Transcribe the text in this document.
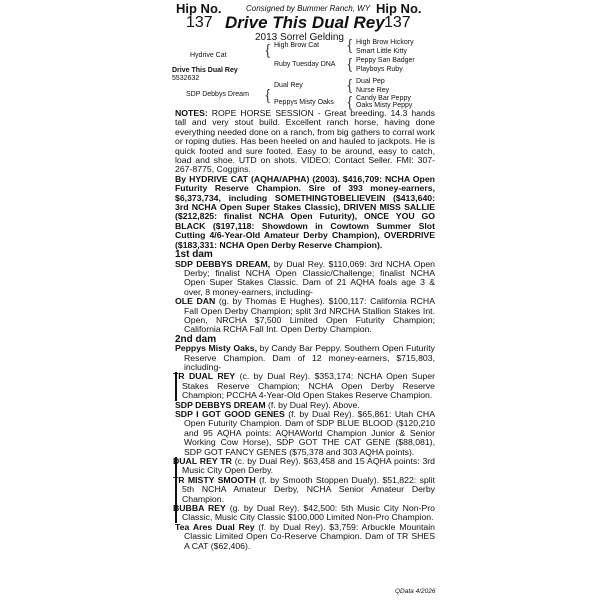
Hip No.
137
Hip No.
137
Consigned by Bummer Ranch, WY
Drive This Dual Rey
2013 Sorrel Gelding
Hydrive Cat
Drive This Dual Rey
5532632
SDP Debbys Dream
{ High Brow Cat
Ruby Tuesday DNA
{
Dual Rey
Peppys Misty Oaks
{ High Brow Hickory
Smart Little Kitty
{ Peppy San Badger
Playboys Ruby
{ Dual Pep
Nurse Rey
{ Candy Bar Peppy
Oaks Misty Peppy

NOTES: ROPE HORSE SESSION - Great breeding. 14.3 hands tall and very stout build. Excellent ranch horse, having done everything needed done on a ranch, from big gathers to corral work or roping duties. Has been heeled on and hauled to jackpots. He is quick footed and sure footed. Easy to be around, easy to catch, load and shoe. UTD on shots. VIDEO: Contact Seller. FMI: 307-267-8775, Coggins.

By HYDRIVE CAT (AQHA/APHA) (2003). $416,709: NCHA Open Futurity Reserve Champion. Sire of 393 money-earners, $6,373,734, including SOMETHINGTOBELIEVEIN ($413,640: 3rd NCHA Open Super Stakes Classic), DRIVEN MISS SALLIE ($212,825: finalist NCHA Open Futurity), ONCE YOU GO BLACK ($197,118: Showdown in Cowtown Summer Slot Cutting 4/6-Year-Old Amateur Derby Champion), OVERDRIVE ($183,331: NCHA Open Derby Reserve Champion).

1st dam

SDP DEBBYS DREAM, by Dual Rey. $110,069: 3rd NCHA Open Derby; finalist NCHA Open Classic/Challenge; finalist NCHA Open Super Stakes Classic. Dam of 21 AQHA foals age 3 & over, 8 money-earners, including-

OLE DAN (g. by Thomas E Hughes). $100,117: California RCHA Fall Open Derby Champion; split 3rd NRCHA Stallion Stakes Int. Open, NRCHA $7,500 Limited Open Futurity Champion; California RCHA Fall Int. Open Derby Champion.

2nd dam

Peppys Misty Oaks, by Candy Bar Peppy. Southern Open Futurity Reserve Champion. Dam of 12 money-earners, $715,803, including-

TR DUAL REY (c. by Dual Rey). $353,174: NCHA Open Super Stakes Reserve Champion; NCHA Open Derby Reserve Champion; PCCHA 4-Year-Old Open Stakes Reserve Champion.

SDP DEBBYS DREAM (f. by Dual Rey). Above.

SDP I GOT GOOD GENES (f. by Dual Rey). $65,861: Utah CHA Open Futurity Champion. Dam of SDP BLUE BLOOD ($120,210 and 95 AQHA points: AQHAWorld Champion Junior & Senior Working Cow Horse), SDP GOT THE CAT GENE ($88,081), SDP GOT FANCY GENES ($75,378 and 303 AQHA points).

DUAL REY TR (c. by Dual Rey). $63,458 and 15 AQHA points: 3rd Music City Open Derby.

TR MISTY SMOOTH (f. by Smooth Stoppen Dualy). $51,822: split 5th NCHA Amateur Derby, NCHA Senior Amateur Derby Champion.

BUBBA REY (g. by Dual Rey). $42,500: 5th Music City Non-Pro Classic, Music City Classic $100,000 Limited Non-Pro Champion.

Tea Ares Dual Rey (f. by Dual Rey). $3,759: Arbuckle Mountain Classic Limited Open Co-Reserve Champion. Dam of TR SHES A CAT ($62,406).

QData 4/2026
